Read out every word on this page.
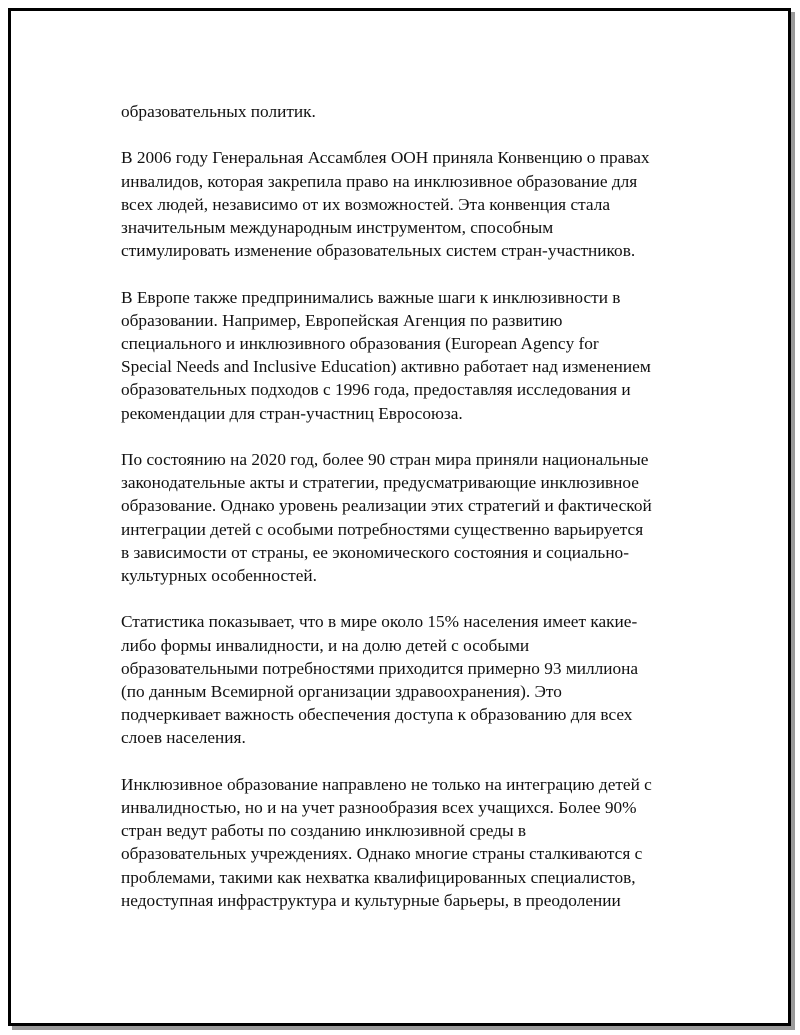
образовательных политик.
В 2006 году Генеральная Ассамблея ООН приняла Конвенцию о правах
инвалидов, которая закрепила право на инклюзивное образование для
всех людей, независимо от их возможностей. Эта конвенция стала
значительным международным инструментом, способным
стимулировать изменение образовательных систем стран-участников.
В Европе также предпринимались важные шаги к инклюзивности в
образовании. Например, Европейская Агенция по развитию
специального и инклюзивного образования (European Agency for
Special Needs and Inclusive Education) активно работает над изменением
образовательных подходов с 1996 года, предоставляя исследования и
рекомендации для стран-участниц Евросоюза.
По состоянию на 2020 год, более 90 стран мира приняли национальные
законодательные акты и стратегии, предусматривающие инклюзивное
образование. Однако уровень реализации этих стратегий и фактической
интеграции детей с особыми потребностями существенно варьируется
в зависимости от страны, ее экономического состояния и социально-
культурных особенностей.
Статистика показывает, что в мире около 15% населения имеет какие-
либо формы инвалидности, и на долю детей с особыми
образовательными потребностями приходится примерно 93 миллиона
(по данным Всемирной организации здравоохранения). Это
подчеркивает важность обеспечения доступа к образованию для всех
слоев населения.
Инклюзивное образование направлено не только на интеграцию детей с
инвалидностью, но и на учет разнообразия всех учащихся. Более 90%
стран ведут работы по созданию инклюзивной среды в
образовательных учреждениях. Однако многие страны сталкиваются с
проблемами, такими как нехватка квалифицированных специалистов,
недоступная инфраструктура и культурные барьеры, в преодолении
